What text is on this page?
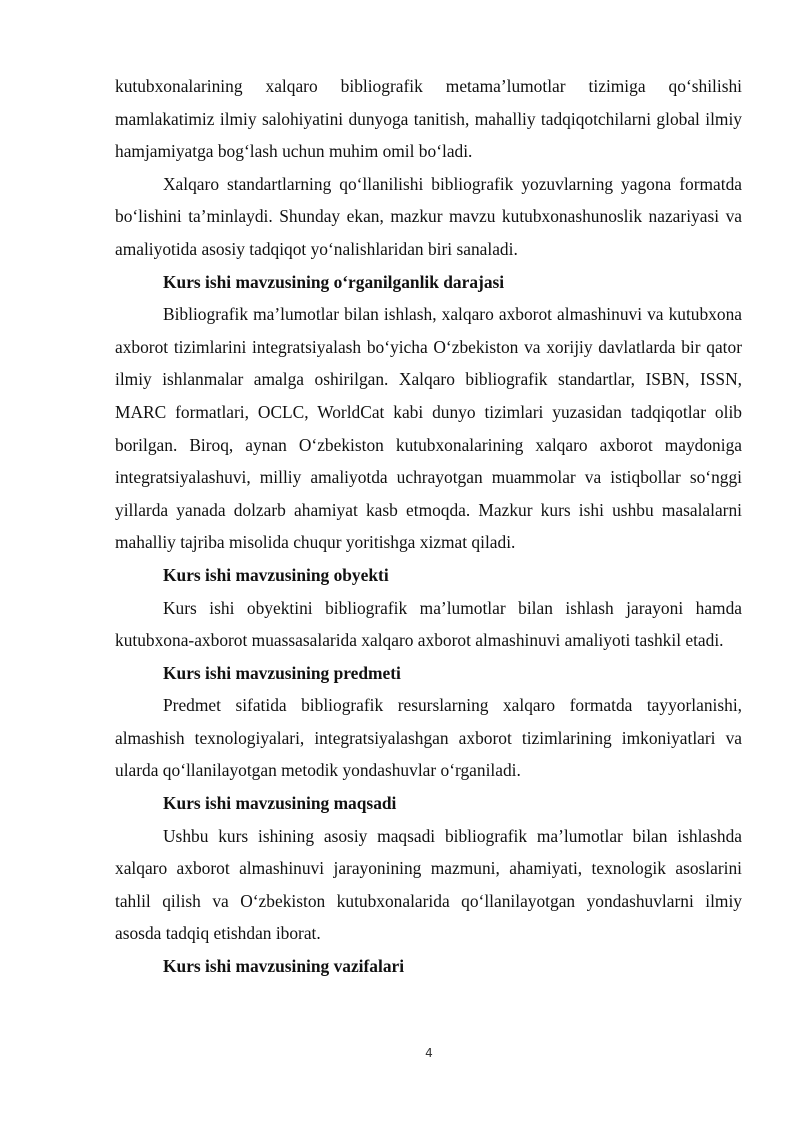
kutubxonalarining xalqaro bibliografik metama’lumotlar tizimiga qo‘shilishi mamlakatimiz ilmiy salohiyatini dunyoga tanitish, mahalliy tadqiqotchilarni global ilmiy hamjamiyatga bog‘lash uchun muhim omil bo‘ladi.

Xalqaro standartlarning qo‘llanilishi bibliografik yozuvlarning yagona formatda bo‘lishini ta’minlaydi. Shunday ekan, mazkur mavzu kutubxonashunoslik nazariyasi va amaliyotida asosiy tadqiqot yo‘nalishlaridan biri sanaladi.

Kurs ishi mavzusining o‘rganilganlik darajasi

Bibliografik ma’lumotlar bilan ishlash, xalqaro axborot almashinuvi va kutubxona axborot tizimlarini integratsiyalash bo‘yicha O‘zbekiston va xorijiy davlatlarda bir qator ilmiy ishlanmalar amalga oshirilgan. Xalqaro bibliografik standartlar, ISBN, ISSN, MARC formatlari, OCLC, WorldCat kabi dunyo tizimlari yuzasidan tadqiqotlar olib borilgan. Biroq, aynan O‘zbekiston kutubxonalarining xalqaro axborot maydoniga integratsiyalashuvi, milliy amaliyotda uchrayotgan muammolar va istiqbollar so‘nggi yillarda yanada dolzarb ahamiyat kasb etmoqda. Mazkur kurs ishi ushbu masalalarni mahalliy tajriba misolida chuqur yoritishga xizmat qiladi.

Kurs ishi mavzusining obyekti

Kurs ishi obyektini bibliografik ma’lumotlar bilan ishlash jarayoni hamda kutubxona-axborot muassasalarida xalqaro axborot almashinuvi amaliyoti tashkil etadi.

Kurs ishi mavzusining predmeti

Predmet sifatida bibliografik resurslarning xalqaro formatda tayyorlanishi, almashish texnologiyalari, integratsiyalashgan axborot tizimlarining imkoniyatlari va ularda qo‘llanilayotgan metodik yondashuvlar o‘rganiladi.

Kurs ishi mavzusining maqsadi

Ushbu kurs ishining asosiy maqsadi bibliografik ma’lumotlar bilan ishlashda xalqaro axborot almashinuvi jarayonining mazmuni, ahamiyati, texnologik asoslarini tahlil qilish va O‘zbekiston kutubxonalarida qo‘llanilayotgan yondashuvlarni ilmiy asosda tadqiq etishdan iborat.

Kurs ishi mavzusining vazifalari

4
